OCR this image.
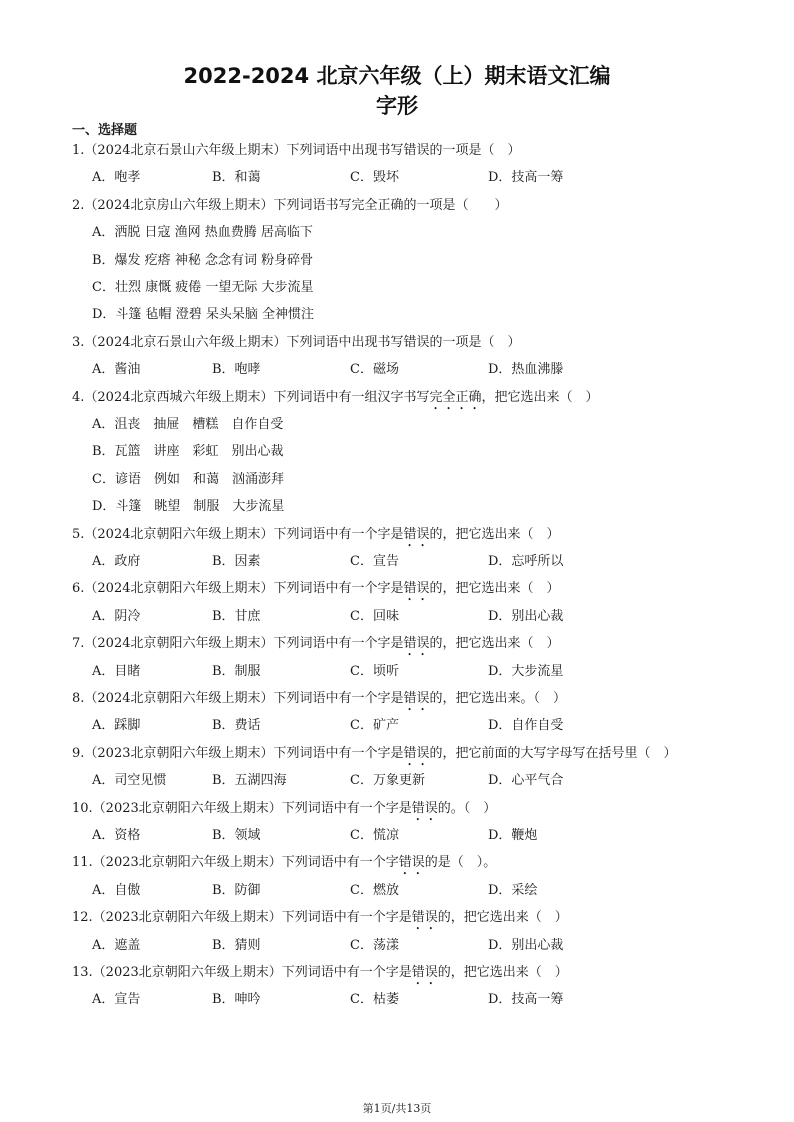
2022-2024 北京六年级（上）期末语文汇编
字形
一、选择题
1.（2024北京石景山六年级上期末）下列词语中出现书写错误的一项是（　）
A．咆孝	B．和蔼	C．毁坏	D．技高一筹
2.（2024北京房山六年级上期末）下列词语书写完全正确的一项是（　　）
A．洒脱 日寇 渔网 热血费腾 居高临下
B．爆发 疙瘩 神秘 念念有词 粉身碎骨
C．壮烈 康慨 疲倦 一望无际 大步流星
D．斗篷 毡帽 澄碧 呆头呆脑 全神惯注
3.（2024北京石景山六年级上期末）下列词语中出现书写错误的一项是（　）
A．酱油	B．咆哮	C．磁场	D．热血沸滕
4.（2024北京西城六年级上期末）下列词语中有一组汉字书写完全正确，把它选出来（　）
A．沮丧　抽屉　槽糕　自作自受
B．瓦篮　讲座　彩虹　别出心裁
C．谚语　例如　和蔼　汹涌澎拜
D．斗篷　眺望　制服　大步流星
5.（2024北京朝阳六年级上期末）下列词语中有一个字是错误的，把它选出来（　）
A．政府	B．因素	C．宣告	D．忘呼所以
6.（2024北京朝阳六年级上期末）下列词语中有一个字是错误的，把它选出来（　）
A．阴冷	B．甘庶	C．回味	D．别出心裁
7.（2024北京朝阳六年级上期末）下列词语中有一个字是错误的，把它选出来（　）
A．目睹	B．制服	C．顷听	D．大步流星
8.（2024北京朝阳六年级上期末）下列词语中有一个字是错误的，把它选出来。（　）
A．踩脚	B．费话	C．矿产	D．自作自受
9.（2023北京朝阳六年级上期末）下列词语中有一个字是错误的，把它前面的大写字母写在括号里（　）
A．司空见惯	B．五湖四海	C．万象更新	D．心平气合
10.（2023北京朝阳六年级上期末）下列词语中有一个字是错误的。（　）
A．资格	B．领域	C．慌凉	D．鞭炮
11.（2023北京朝阳六年级上期末）下列词语中有一个字错误的是（　）。
A．自傲	B．防御	C．燃放	D．采绘
12.（2023北京朝阳六年级上期末）下列词语中有一个字是错误的，把它选出来（　）
A．遮盖	B．猜则	C．荡漾	D．别出心裁
13.（2023北京朝阳六年级上期末）下列词语中有一个字是错误的，把它选出来（　）
A．宣告	B．呻吟	C．枯萎	D．技高一筹
第1页/共13页
